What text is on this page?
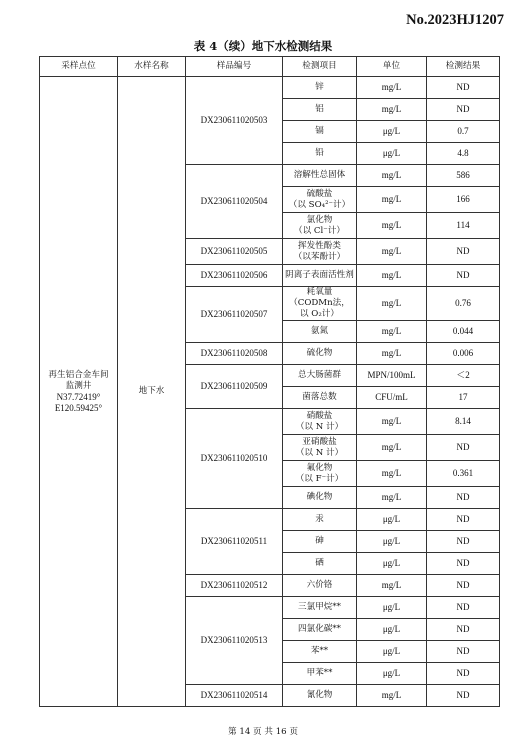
No.2023HJ1207
表 4（续）地下水检测结果
采样点位	水样名称	样品编号	检测项目	单位	检测结果

再生铝合金车间
监测井
N37.72419°
E120.59425°	地下水	DX230611020503	锌	mg/L	ND

			铝	mg/L	ND

			镉	μg/L	0.7

			铅	μg/L	4.8
		DX230611020504	溶解性总固体	mg/L	586

			硫酸盐
（以 SO₄²⁻计）	mg/L	166

			氯化物
（以 Cl⁻计）	mg/L	114
		DX230611020505	挥发性酚类
（以苯酚计）	mg/L	ND
		DX230611020506	阴离子表面活性剂	mg/L	ND
		DX230611020507	耗氧量（CODMn法，
以 O₂计）	mg/L	0.76

			氨氮	mg/L	0.044
		DX230611020508	硫化物	mg/L	0.006
		DX230611020509	总大肠菌群	MPN/100mL	＜2

			菌落总数	CFU/mL	17
		DX230611020510	硝酸盐
（以 N 计）	mg/L	8.14

			亚硝酸盐
（以 N 计）	mg/L	ND

			氟化物
（以 F⁻计）	mg/L	0.361

			碘化物	mg/L	ND
		DX230611020511	汞	μg/L	ND

			砷	μg/L	ND

			硒	μg/L	ND
		DX230611020512	六价铬	mg/L	ND
		DX230611020513	三氯甲烷**	μg/L	ND

			四氯化碳**	μg/L	ND

			苯**	μg/L	ND

			甲苯**	μg/L	ND
		DX230611020514	氰化物	mg/L	ND
第 14 页 共 16 页
